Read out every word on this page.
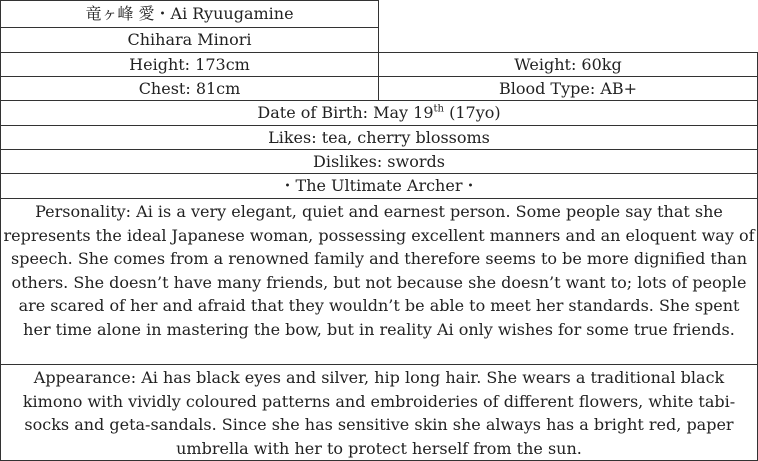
竜ヶ峰 愛・Ai Ryuugamine
Chihara Minori
Height: 173cm	Weight: 60kg
Chest: 81cm	Blood Type: AB+
Date of Birth: May 19th (17yo)
Likes: tea, cherry blossoms
Dislikes: swords
・The Ultimate Archer・
Personality: Ai is a very elegant, quiet and earnest person. Some people say that she represents the ideal Japanese woman, possessing excellent manners and an eloquent way of speech. She comes from a renowned family and therefore seems to be more dignified than others. She doesn’t have many friends, but not because she doesn’t want to; lots of people are scared of her and afraid that they wouldn’t be able to meet her standards. She spent her time alone in mastering the bow, but in reality Ai only wishes for some true friends.
Appearance: Ai has black eyes and silver, hip long hair. She wears a traditional black kimono with vividly coloured patterns and embroideries of different flowers, white tabi-socks and geta-sandals. Since she has sensitive skin she always has a bright red, paper umbrella with her to protect herself from the sun.
